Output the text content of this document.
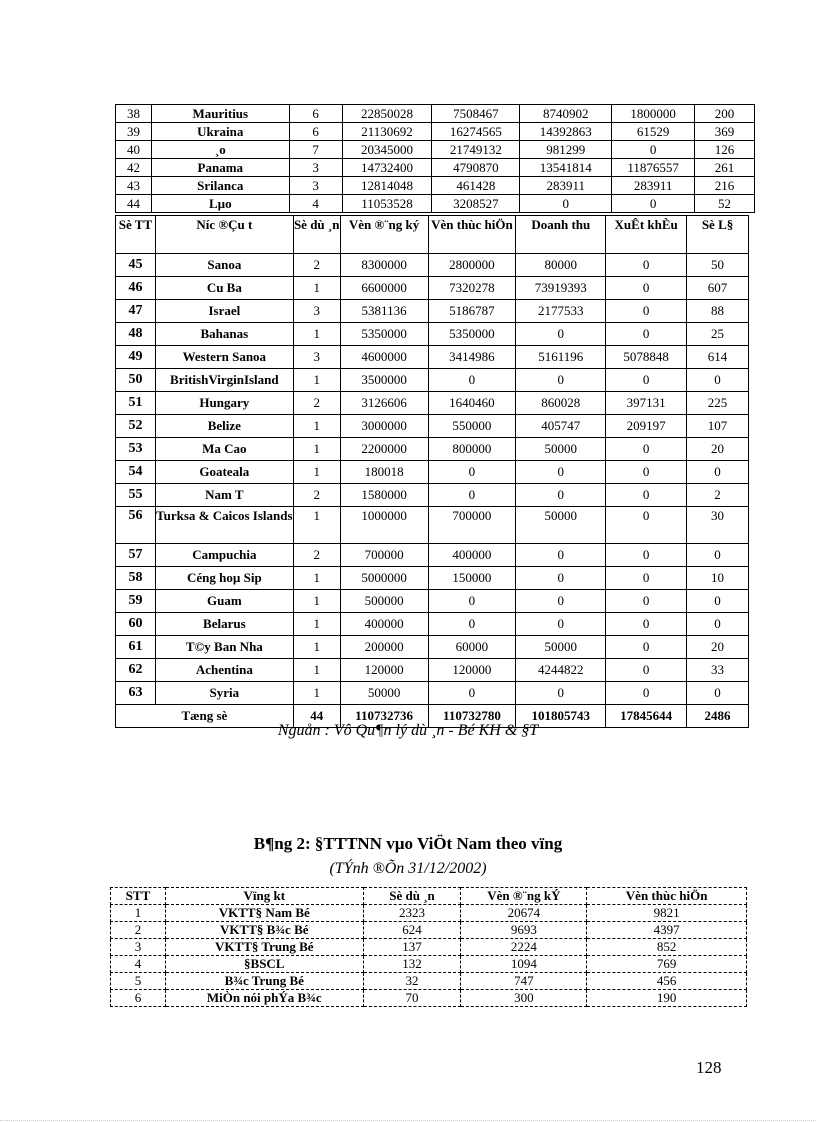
38	Mauritius	6	22850028	7508467	8740902	1800000	200
39	Ukraina	6	21130692	16274565	14392863	61529	369
40	¸o	7	20345000	21749132	981299	0	126
42	Panama	3	14732400	4790870	13541814	11876557	261
43	Srilanca	3	12814048	461428	283911	283911	216
44	Lµo	4	11053528	3208527	0	0	52
Sè TT	Níc ®Çu t	Sè dù ¸n	Vèn ®¨ng ký	Vèn thùc hiÖn	Doanh thu	XuÊt khÈu	Sè L§
45	Sanoa	2	8300000	2800000	80000	0	50
46	Cu Ba	1	6600000	7320278	73919393	0	607
47	Israel	3	5381136	5186787	2177533	0	88
48	Bahanas	1	5350000	5350000	0	0	25
49	Western Sanoa	3	4600000	3414986	5161196	5078848	614
50	BritishVirginIsland	1	3500000	0	0	0	0
51	Hungary	2	3126606	1640460	860028	397131	225
52	Belize	1	3000000	550000	405747	209197	107
53	Ma Cao	1	2200000	800000	50000	0	20
54	Goateala	1	180018	0	0	0	0
55	Nam T	2	1580000	0	0	0	2
56	Turksa & Caicos Islands	1	1000000	700000	50000	0	30
57	Campuchia	2	700000	400000	0	0	0
58	Céng hoµ Sip	1	5000000	150000	0	0	10
59	Guam	1	500000	0	0	0	0
60	Belarus	1	400000	0	0	0	0
61	T©y Ban Nha	1	200000	60000	50000	0	20
62	Achentina	1	120000	120000	4244822	0	33
63	Syria	1	50000	0	0	0	0
Tæng sè		44	110732736	110732780	101805743	17845644	2486
Nguån : Vô Qu¶n lý dù ¸n - Bé KH & §T
B¶ng 2: §TTTNN vµo ViÖt Nam theo vïng
(TÝnh ®Õn 31/12/2002)
STT	Vïng kt	Sè dù ¸n	Vèn ®¨ng kÝ	Vèn thùc hiÖn
1	VKTT§ Nam Bé	2323	20674	9821
2	VKTT§ B¾c Bé	624	9693	4397
3	VKTT§ Trung Bé	137	2224	852
4	§BSCL	132	1094	769
5	B¾c Trung Bé	32	747	456
6	MiÒn nói phÝa B¾c	70	300	190
128
